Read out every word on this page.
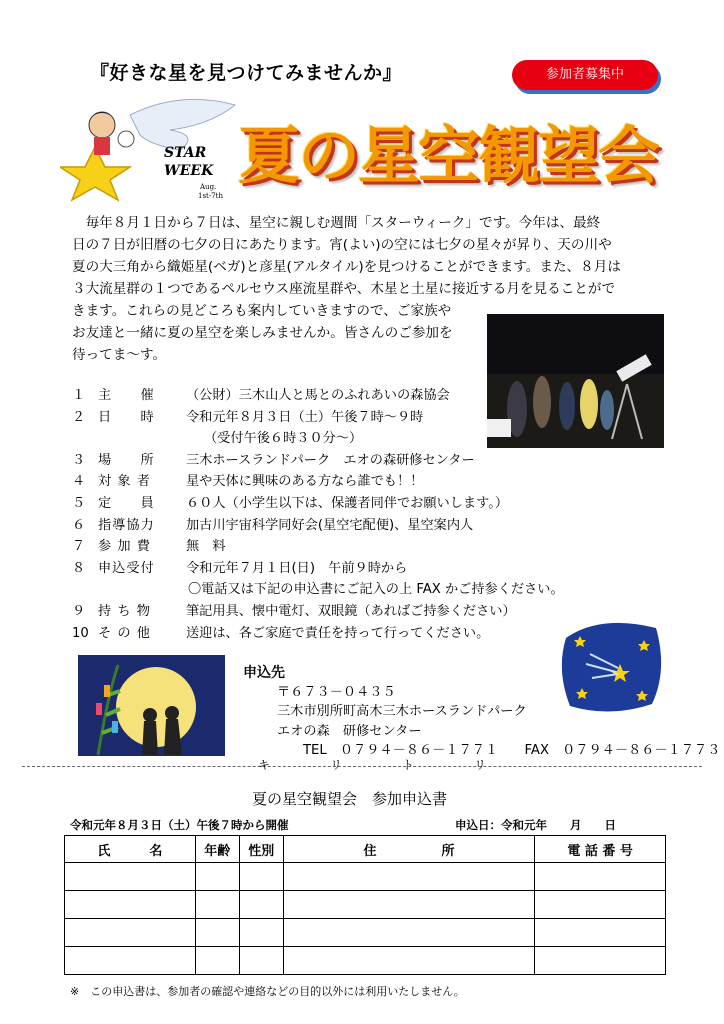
『好きな星を見つけてみませんか』	参加者募集中
STAR
WEEK
Aug.
1st-7th
夏の星空観望会

毎年８月１日から７日は、星空に親しむ週間「スターウィーク」です。今年は、最終

日の７日が旧暦の七夕の日にあたります。宵(よい)の空には七夕の星々が昇り、天の川や
夏の大三角から織姫星(ベガ)と彦星(アルタイル)を見つけることができます。また、８月は
３大流星群の１つであるペルセウス座流星群や、木星と土星に接近する月を見ることがで
きます。これらの見どころも案内していきますので、ご家族や
お友達と一緒に夏の星空を楽しみませんか。皆さんのご参加を
待ってま～す。
１ 主　　催	（公財）三木山人と馬とのふれあいの森協会
２ 日　　時	令和元年８月３日（土）午後７時～９時
（受付午後６時３０分～）
３ 場　　所	三木ホースランドパーク　エオの森研修センター
４ 対 象 者	星や天体に興味のある方なら誰でも！！
５ 定　　員	６０人（小学生以下は、保護者同伴でお願いします。）
６ 指導協力	加古川宇宙科学同好会(星空宅配便)、星空案内人
７ 参 加 費	無　料
８ 申込受付	令和元年７月１日(日)　午前９時から
〇電話又は下記の申込書にご記入の上 FAX かご持参ください。
９ 持 ち 物	筆記用具、懐中電灯、双眼鏡（あればご持参ください）
10 そ の 他	送迎は、各ご家庭で責任を持って行ってください。
申込先
〒６７３－０４３５
三木市別所町高木三木ホースランドパーク
エオの森　研修センター
TEL　０７９４－８６－１７７１　　FAX　０７９４－８６－１７７３
キ　　　　　リ　　　　　ト　　　　　リ
夏の星空観望会　参加申込書
令和元年８月３日（土）午後７時から開催	申込日：令和元年　　月　　日
氏　　　名	年齢	性別	住　　　　　所	電 話 番 号

※　この申込書は、参加者の確認や連絡などの目的以外には利用いたしません。
